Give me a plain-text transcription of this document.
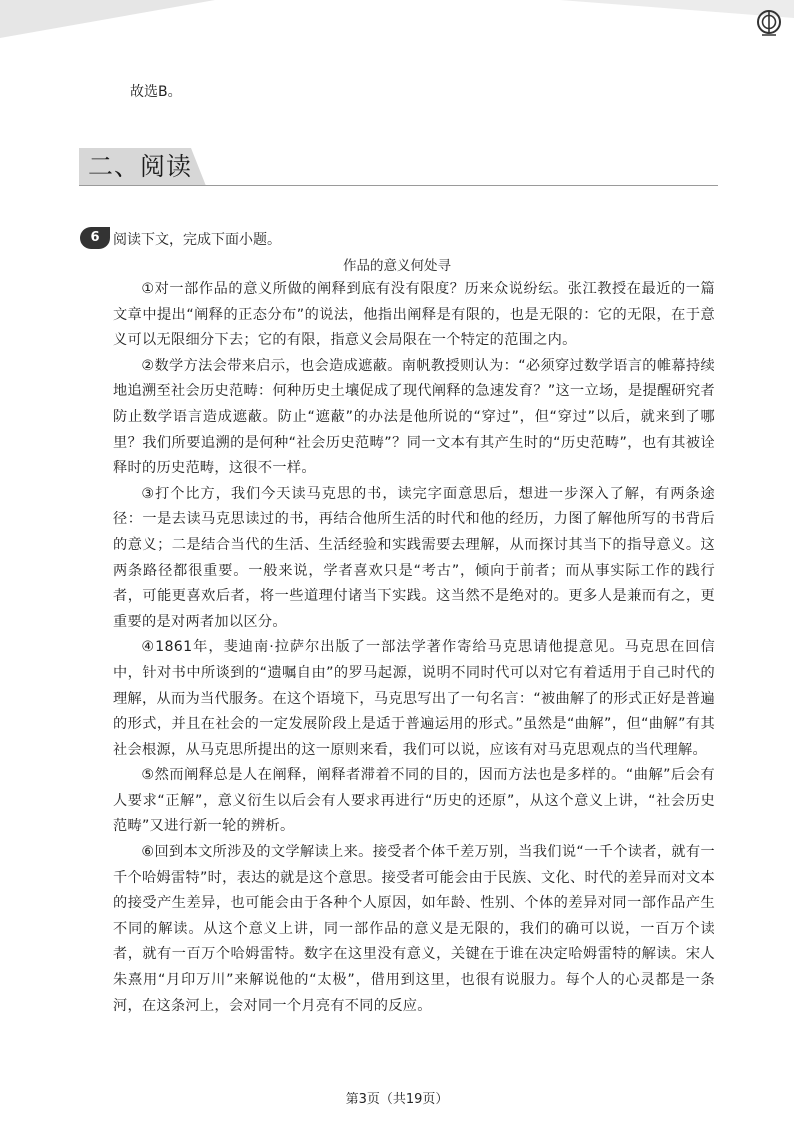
故选B。
二、阅读
6 阅读下文，完成下面小题。
作品的意义何处寻

①对一部作品的意义所做的阐释到底有没有限度？历来众说纷纭。张江教授在最近的一篇文章中提出“阐释的正态分布”的说法，他指出阐释是有限的，也是无限的：它的无限，在于意义可以无限细分下去；它的有限，指意义会局限在一个特定的范围之内。

②数学方法会带来启示，也会造成遮蔽。南帆教授则认为：“必须穿过数学语言的帷幕持续地追溯至社会历史范畴：何种历史土壤促成了现代阐释的急速发育？”这一立场，是提醒研究者防止数学语言造成遮蔽。防止“遮蔽”的办法是他所说的“穿过”，但“穿过”以后，就来到了哪里？我们所要追溯的是何种“社会历史范畴”？同一文本有其产生时的“历史范畴”，也有其被诠释时的历史范畴，这很不一样。

③打个比方，我们今天读马克思的书，读完字面意思后，想进一步深入了解，有两条途径：一是去读马克思读过的书，再结合他所生活的时代和他的经历，力图了解他所写的书背后的意义；二是结合当代的生活、生活经验和实践需要去理解，从而探讨其当下的指导意义。这两条路径都很重要。一般来说，学者喜欢只是“考古”，倾向于前者；而从事实际工作的践行者，可能更喜欢后者，将一些道理付诸当下实践。这当然不是绝对的。更多人是兼而有之，更重要的是对两者加以区分。

④1861年，斐迪南·拉萨尔出版了一部法学著作寄给马克思请他提意见。马克思在回信中，针对书中所谈到的“遗嘱自由”的罗马起源，说明不同时代可以对它有着适用于自己时代的理解，从而为当代服务。在这个语境下，马克思写出了一句名言：“被曲解了的形式正好是普遍的形式，并且在社会的一定发展阶段上是适于普遍运用的形式。”虽然是“曲解”，但“曲解”有其社会根源，从马克思所提出的这一原则来看，我们可以说，应该有对马克思观点的当代理解。

⑤然而阐释总是人在阐释，阐释者滞着不同的目的，因而方法也是多样的。“曲解”后会有人要求“正解”，意义衍生以后会有人要求再进行“历史的还原”，从这个意义上讲，“社会历史范畴”又进行新一轮的辨析。

⑥回到本文所涉及的文学解读上来。接受者个体千差万别，当我们说“一千个读者，就有一千个哈姆雷特”时，表达的就是这个意思。接受者可能会由于民族、文化、时代的差异而对文本的接受产生差异，也可能会由于各种个人原因，如年龄、性别、个体的差异对同一部作品产生不同的解读。从这个意义上讲，同一部作品的意义是无限的，我们的确可以说，一百万个读者，就有一百万个哈姆雷特。数字在这里没有意义，关键在于谁在决定哈姆雷特的解读。宋人朱熹用“月印万川”来解说他的“太极”，借用到这里，也很有说服力。每个人的心灵都是一条河，在这条河上，会对同一个月亮有不同的反应。

第3页（共19页）
